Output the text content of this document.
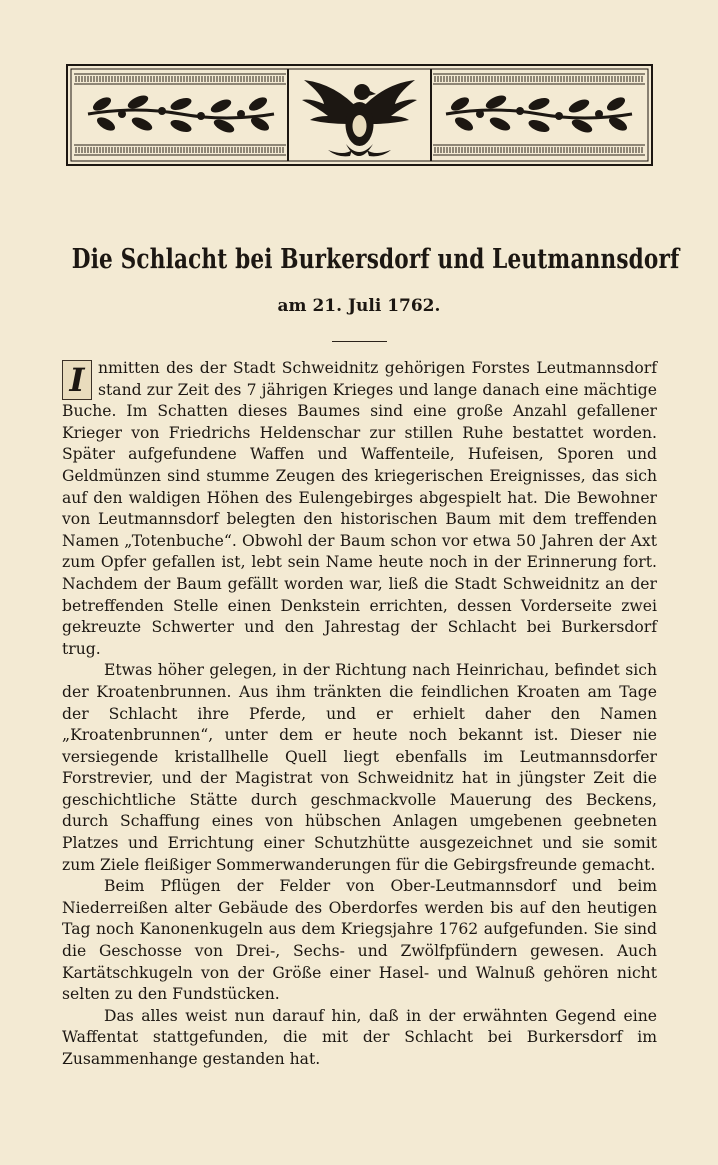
Die Schlacht bei Burkersdorf und Leutmannsdorf
am 21. Juli 1762.

I nmitten des der Stadt Schweidnitz gehörigen Forstes Leutmannsdorf stand zur Zeit des 7 jährigen Krieges und lange danach eine mächtige Buche. Im Schatten dieses Baumes sind eine große Anzahl gefallener Krieger von Friedrichs Heldenschar zur stillen Ruhe bestattet worden. Später aufgefundene Waffen und Waffenteile, Hufeisen, Sporen und Geldmünzen sind stumme Zeugen des kriegerischen Ereignisses, das sich auf den waldigen Höhen des Eulengebirges abgespielt hat. Die Bewohner von Leutmannsdorf belegten den historischen Baum mit dem treffenden Namen „Totenbuche“. Obwohl der Baum schon vor etwa 50 Jahren der Axt zum Opfer gefallen ist, lebt sein Name heute noch in der Erinnerung fort. Nachdem der Baum gefällt worden war, ließ die Stadt Schweidnitz an der betreffenden Stelle einen Denkstein errichten, dessen Vorderseite zwei gekreuzte Schwerter und den Jahrestag der Schlacht bei Burkersdorf trug.

Etwas höher gelegen, in der Richtung nach Heinrichau, befindet sich der Kroatenbrunnen. Aus ihm tränkten die feindlichen Kroaten am Tage der Schlacht ihre Pferde, und er erhielt daher den Namen „Kroatenbrunnen“, unter dem er heute noch bekannt ist. Dieser nie versiegende kristallhelle Quell liegt ebenfalls im Leutmannsdorfer Forstrevier, und der Magistrat von Schweidnitz hat in jüngster Zeit die geschichtliche Stätte durch geschmackvolle Mauerung des Beckens, durch Schaffung eines von hübschen Anlagen umgebenen geebneten Platzes und Errichtung einer Schutzhütte ausgezeichnet und sie somit zum Ziele fleißiger Sommerwanderungen für die Gebirgsfreunde gemacht.

Beim Pflügen der Felder von Ober-Leutmannsdorf und beim Niederreißen alter Gebäude des Oberdorfes werden bis auf den heutigen Tag noch Kanonenkugeln aus dem Kriegsjahre 1762 aufgefunden. Sie sind die Geschosse von Drei-, Sechs- und Zwölfpfündern gewesen. Auch Kartätschkugeln von der Größe einer Hasel- und Walnuß gehören nicht selten zu den Fundstücken.

Das alles weist nun darauf hin, daß in der erwähnten Gegend eine Waffentat stattgefunden, die mit der Schlacht bei Burkersdorf im Zusammenhange gestanden hat.
